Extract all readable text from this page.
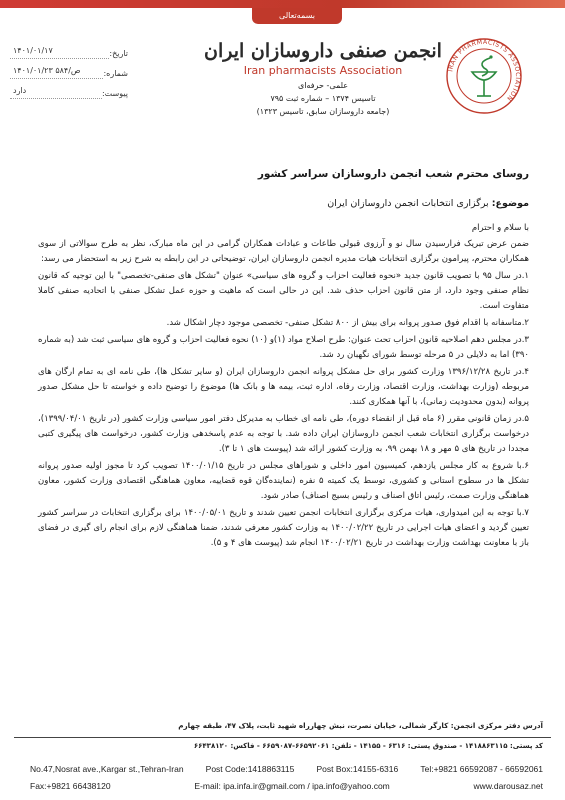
بسمه‌تعالی
IRAN PHARMACISTS ASSOCIATION
انجمن صنفی داروسازان ایران
Iran pharmacists Association
علمی- حرفه‌ای
تاسیس ۱۳۷۴ – شماره ثبت ۷۹۵
(جامعه داروسازان سابق، تاسیس ۱۳۲۳)
تاریخ:
۱۴۰۱/۰۱/۱۷
شماره:
۱۴۰۱/۰۱/۲۳ ص‌/۵۸۴
پیوست:
دارد

روسای محترم شعب انجمن داروسازان سراسر کشور

موضوع: برگزاری انتخابات انجمن داروسازان ایران

با سلام و احترام

ضمن عرض تبریک فرارسیدن سال نو و آرزوی قبولی طاعات و عبادات همکاران گرامی در این ماه مبارک، نظر به طرح سوالاتی از سوی همکاران محترم، پیرامون برگزاری انتخابات هیات مدیره انجمن داروسازان ایران، توضیحاتی در این رابطه به شرح زیر به استحضار می رسد:

۱.در سال ۹۵ با تصویب قانون جدید «نحوه فعالیت احزاب و گروه های سیاسی» عنوان "تشکل های صنفی-تخصصی" با این توجیه که قانون نظام صنفی وجود دارد، از متن قانون احزاب حذف شد. این در حالی است که ماهیت و حوزه عمل تشکل صنفی با اتحادیه صنفی کاملا متفاوت است.

۲.متاسفانه با اقدام فوق صدور پروانه برای بیش از ۸۰۰ تشکل صنفی- تخصصی موجود دچار اشکال شد.

۳.در مجلس دهم اصلاحیه قانون احزاب تحت عنوان: طرح اصلاح مواد (۱)و (۱۰) نحوه فعالیت احزاب و گروه های سیاسی ثبت شد (به شماره ۳۹۰) اما به دلایلی در ۵ مرحله توسط شورای نگهبان رد شد.

۴.در تاریخ ۱۳۹۶/۱۲/۲۸ وزارت کشور برای حل مشکل پروانه انجمن داروسازان ایران (و سایر تشکل ها)، طی نامه ای به تمام ارگان های مربوطه (وزارت بهداشت، وزارت اقتصاد، وزارت رفاه، اداره ثبت، بیمه ها و بانک ها) موضوع را توضیح داده و خواسته تا حل مشکل صدور پروانه (بدون محدودیت زمانی)، با آنها همکاری کنند.

۵.در زمان قانونی مقرر (۶ ماه قبل از انقضاء دوره)، طی نامه ای خطاب به مدیرکل دفتر امور سیاسی وزارت کشور (در تاریخ ۱۳۹۹/۰۴/۰۱)، درخواست برگزاری انتخابات شعب انجمن داروسازان ایران داده شد. با توجه به عدم پاسخدهی وزارت کشور، درخواست های پیگیری کتبی مجددا در تاریخ های ۵ مهر و ۱۸ بهمن ۹۹، به وزارت کشور ارائه شد (پیوست های ۱ تا ۳).

۶.با شروع به کار مجلس یازدهم، کمیسیون امور داخلی و شوراهای مجلس در تاریخ ۱۴۰۰/۰۱/۱۵ تصویب کرد تا مجوز اولیه صدور پروانه تشکل ها در سطوح استانی و کشوری، توسط یک کمیته ۵ نفره (نماینده‌گان قوه قضاییه، معاون هماهنگی اقتصادی وزارت کشور، معاون هماهنگی وزارت صمت، رئیس اتاق اصناف و رئیس بسیج اصناف) صادر شود.

۷.با توجه به این امیدواری، هیات مرکزی برگزاری انتخابات انجمن تعیین شدند و تاریخ ۱۴۰۰/۰۵/۰۱ برای برگزاری انتخابات در سراسر کشور تعیین گردید و اعضای هیات اجرایی در تاریخ ۱۴۰۰/۰۲/۲۲ به وزارت کشور معرفی شدند، ضمنا هماهنگی لازم برای انجام رای گیری در فضای باز با معاونت بهداشت وزارت بهداشت در تاریخ ۱۴۰۰/۰۲/۲۱ انجام شد (پیوست های ۴ و ۵).

آدرس دفتر مرکزی انجمن: کارگر شمالی، خیابان نصرت، نبش چهارراه شهید ثابت، پلاک ۴۷، طبقه چهارم
کد پستی: ۱۴۱۸۸۶۳۱۱۵ - صندوق پستی: ۶۳۱۶ - ۱۴۱۵۵ - تلفن: ۶۶۵۹۲۰۶۱-۶۶۵۹۰۸۷ - فاکس: ۶۶۴۳۸۱۲۰
No.47,Nosrat ave.,Kargar st.,Tehran-Iran	Post Code:1418863115	Post Box:14155-6316	Tel:+9821 66592087 - 66592061
Fax:+9821 66438120	E-mail: ipa.infa.ir@gmail.com / ipa.info@yahoo.com	www.darousaz.net
